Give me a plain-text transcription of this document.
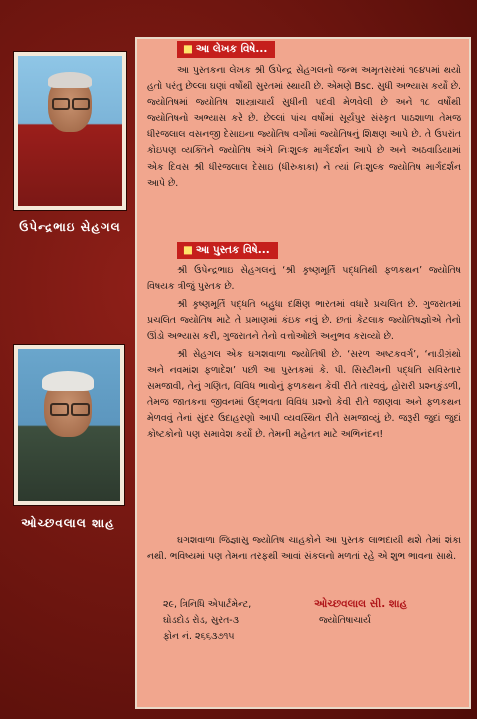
ઉપેન્દ્રભાઇ સેહગલ
ઓચ્છવલાલ શાહ
■ આ લેખક વિષે...

આ પુસ્તકના લેખક શ્રી ઉપેન્દ્ર સેહગલનો જન્મ અમૃતસરમાં ૧૯૪૫માં થયો હતો પરંતુ છેલ્લા ઘણાં વર્ષોથી સુરતમાં સ્થાયી છે. એમણે Bsc. સુધી અભ્યાસ કર્યો છે. જ્યોતિષમાં જ્યોતિષ શાસ્ત્રાચાર્ય સુધીની પદવી મેળવેલી છે અને ૧૮ વર્ષોથી જ્યોતિષનો અભ્યાસ કરે છે. છેલ્લાં પાંચ વર્ષોમાં સૂર્યપુર સંસ્કૃત પાઠશાળા તેમજ ધીરજલાલ વસનજી દેસાઇના જ્યોતિષ વર્ગોમાં જ્યોતિષનું શિક્ષણ આપે છે. તે ઉપરાંત કોઇપણ વ્યક્તિને જ્યોતિષ અંગે નિઃશુલ્ક માર્ગદર્શન આપે છે અને અઠવાડિયામાં એક દિવસ શ્રી ધીરજલાલ દેસાઇ (ધીરુકાકા) ને ત્યાં નિઃશુલ્ક જ્યોતિષ માર્ગદર્શન આપે છે.

■ આ પુસ્તક વિષે...

શ્રી ઉપેન્દ્રભાઇ સેહગલનું ‘શ્રી કૃષ્ણમૂર્તિ પદ્ધતિથી ફળકથન’ જ્યોતિષ વિષયક ત્રીજું પુસ્તક છે.

શ્રી કૃષ્ણમૂર્તિ પદ્ધતિ બહુધા દક્ષિણ ભારતમાં વધારે પ્રચલિત છે. ગુજરાતમાં પ્રચલિત જ્યોતિષ માટે તે પ્રમાણમાં કંઇક નવું છે. છતાં કેટલાક જ્યોતિષજ્ઞોએ તેનો ઊંડો અભ્યાસ કરી, ગુજરાતને તેનો વત્તોઓછો અનુભવ કરાવ્યો છે.

શ્રી સેહગલ એક ઘગશવાળા જ્યોતિષી છે. ‘સરળ અષ્ટકવર્ગ’, ‘નાડીગ્રંથો અને નવમાંશ ફળાદેશ’ પછી આ પુસ્તકમાં કે. પી. સિસ્ટીમની પદ્ધતિ સવિસ્તાર સમજાવી, તેનું ગણિત, વિવિધ ભાવોનું ફળકથન કેવી રીતે તારવવું, હોરારી પ્રશ્નકુંડળી, તેમજ જાતકના જીવનમાં ઉદ્ભવતા વિવિધ પ્રશ્નો કેવી રીતે જાણવા અને ફળકથન મેળવવું તેનાં સુંદર ઉદાહરણો આપી વ્યવસ્થિત રીતે સમજાવ્યું છે. જરૂરી જુદાં જુદાં કોષ્ટકોનો પણ સમાવેશ કર્યો છે. તેમની મહેનત માટે અભિનંદન!

ઘગશવાળા જિજ્ઞાસુ જ્યોતિષ ચાહકોને આ પુસ્તક લાભદાયી થશે તેમાં શંકા નથી. ભવિષ્યમાં પણ તેમના તરફથી આવાં સંકલનો મળતાં રહે એ શુભ ભાવના સાથે.

૨૯, ત્રિનિધિ એપાર્ટમેન્ટ,
ઘોડદોડ રોડ, સુરત-૩
ફોન નં. ૨૬૬૩૭૧૫
ઓચ્છવલાલ સી. શાહ
જ્યોતિષાચાર્ય
